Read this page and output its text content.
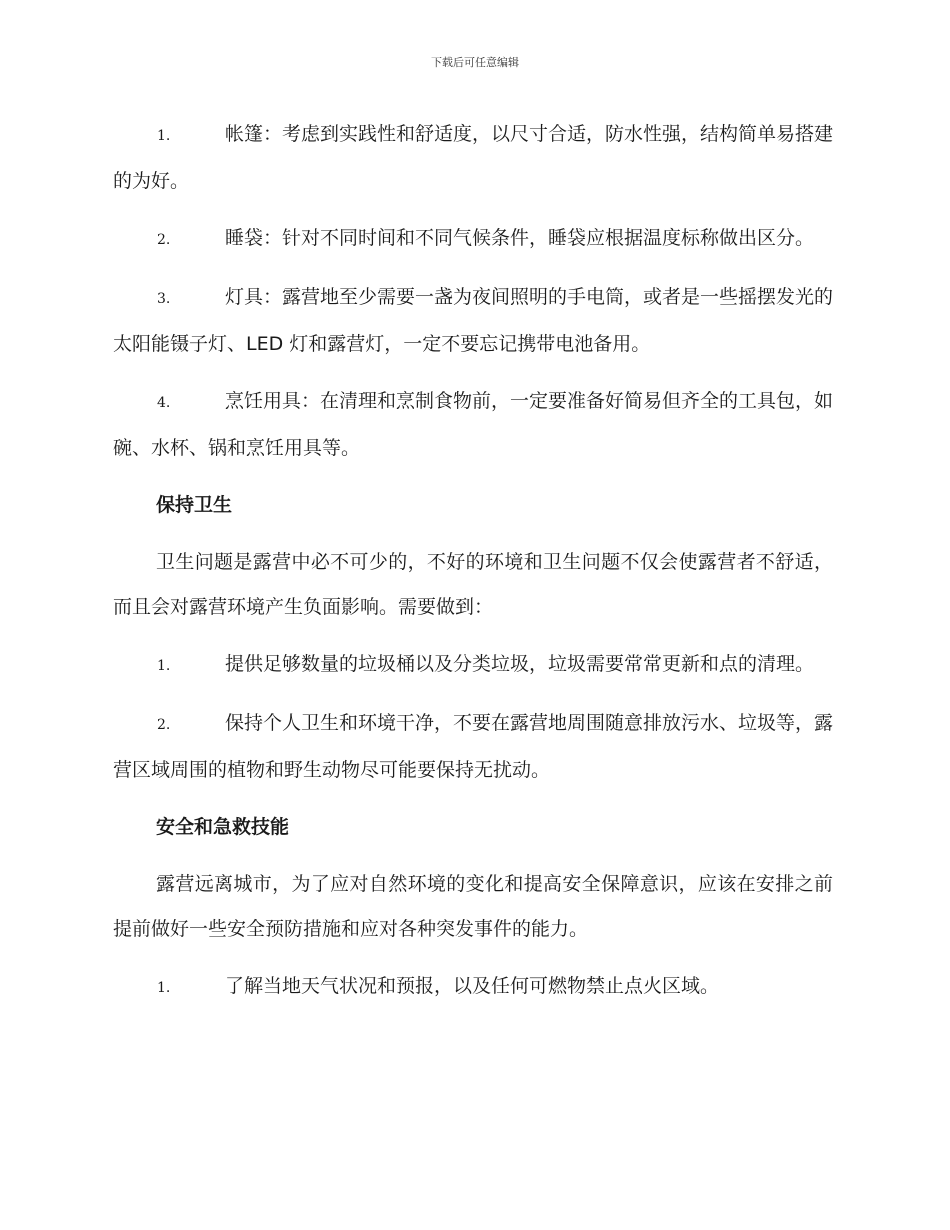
下载后可任意编辑
1.	帐篷：考虑到实践性和舒适度，以尺寸合适，防水性强，结构简单易搭建的为好。
2.	睡袋：针对不同时间和不同气候条件，睡袋应根据温度标称做出区分。
3.	灯具：露营地至少需要一盏为夜间照明的手电筒，或者是一些摇摆发光的太阳能镊子灯、LED 灯和露营灯，一定不要忘记携带电池备用。
4.	烹饪用具：在清理和烹制食物前，一定要准备好简易但齐全的工具包，如碗、水杯、锅和烹饪用具等。
保持卫生
卫生问题是露营中必不可少的，不好的环境和卫生问题不仅会使露营者不舒适，而且会对露营环境产生负面影响。需要做到：
1.	提供足够数量的垃圾桶以及分类垃圾，垃圾需要常常更新和点的清理。
2.	保持个人卫生和环境干净，不要在露营地周围随意排放污水、垃圾等，露营区域周围的植物和野生动物尽可能要保持无扰动。
安全和急救技能
露营远离城市，为了应对自然环境的变化和提高安全保障意识，应该在安排之前提前做好一些安全预防措施和应对各种突发事件的能力。
1.	了解当地天气状况和预报，以及任何可燃物禁止点火区域。
